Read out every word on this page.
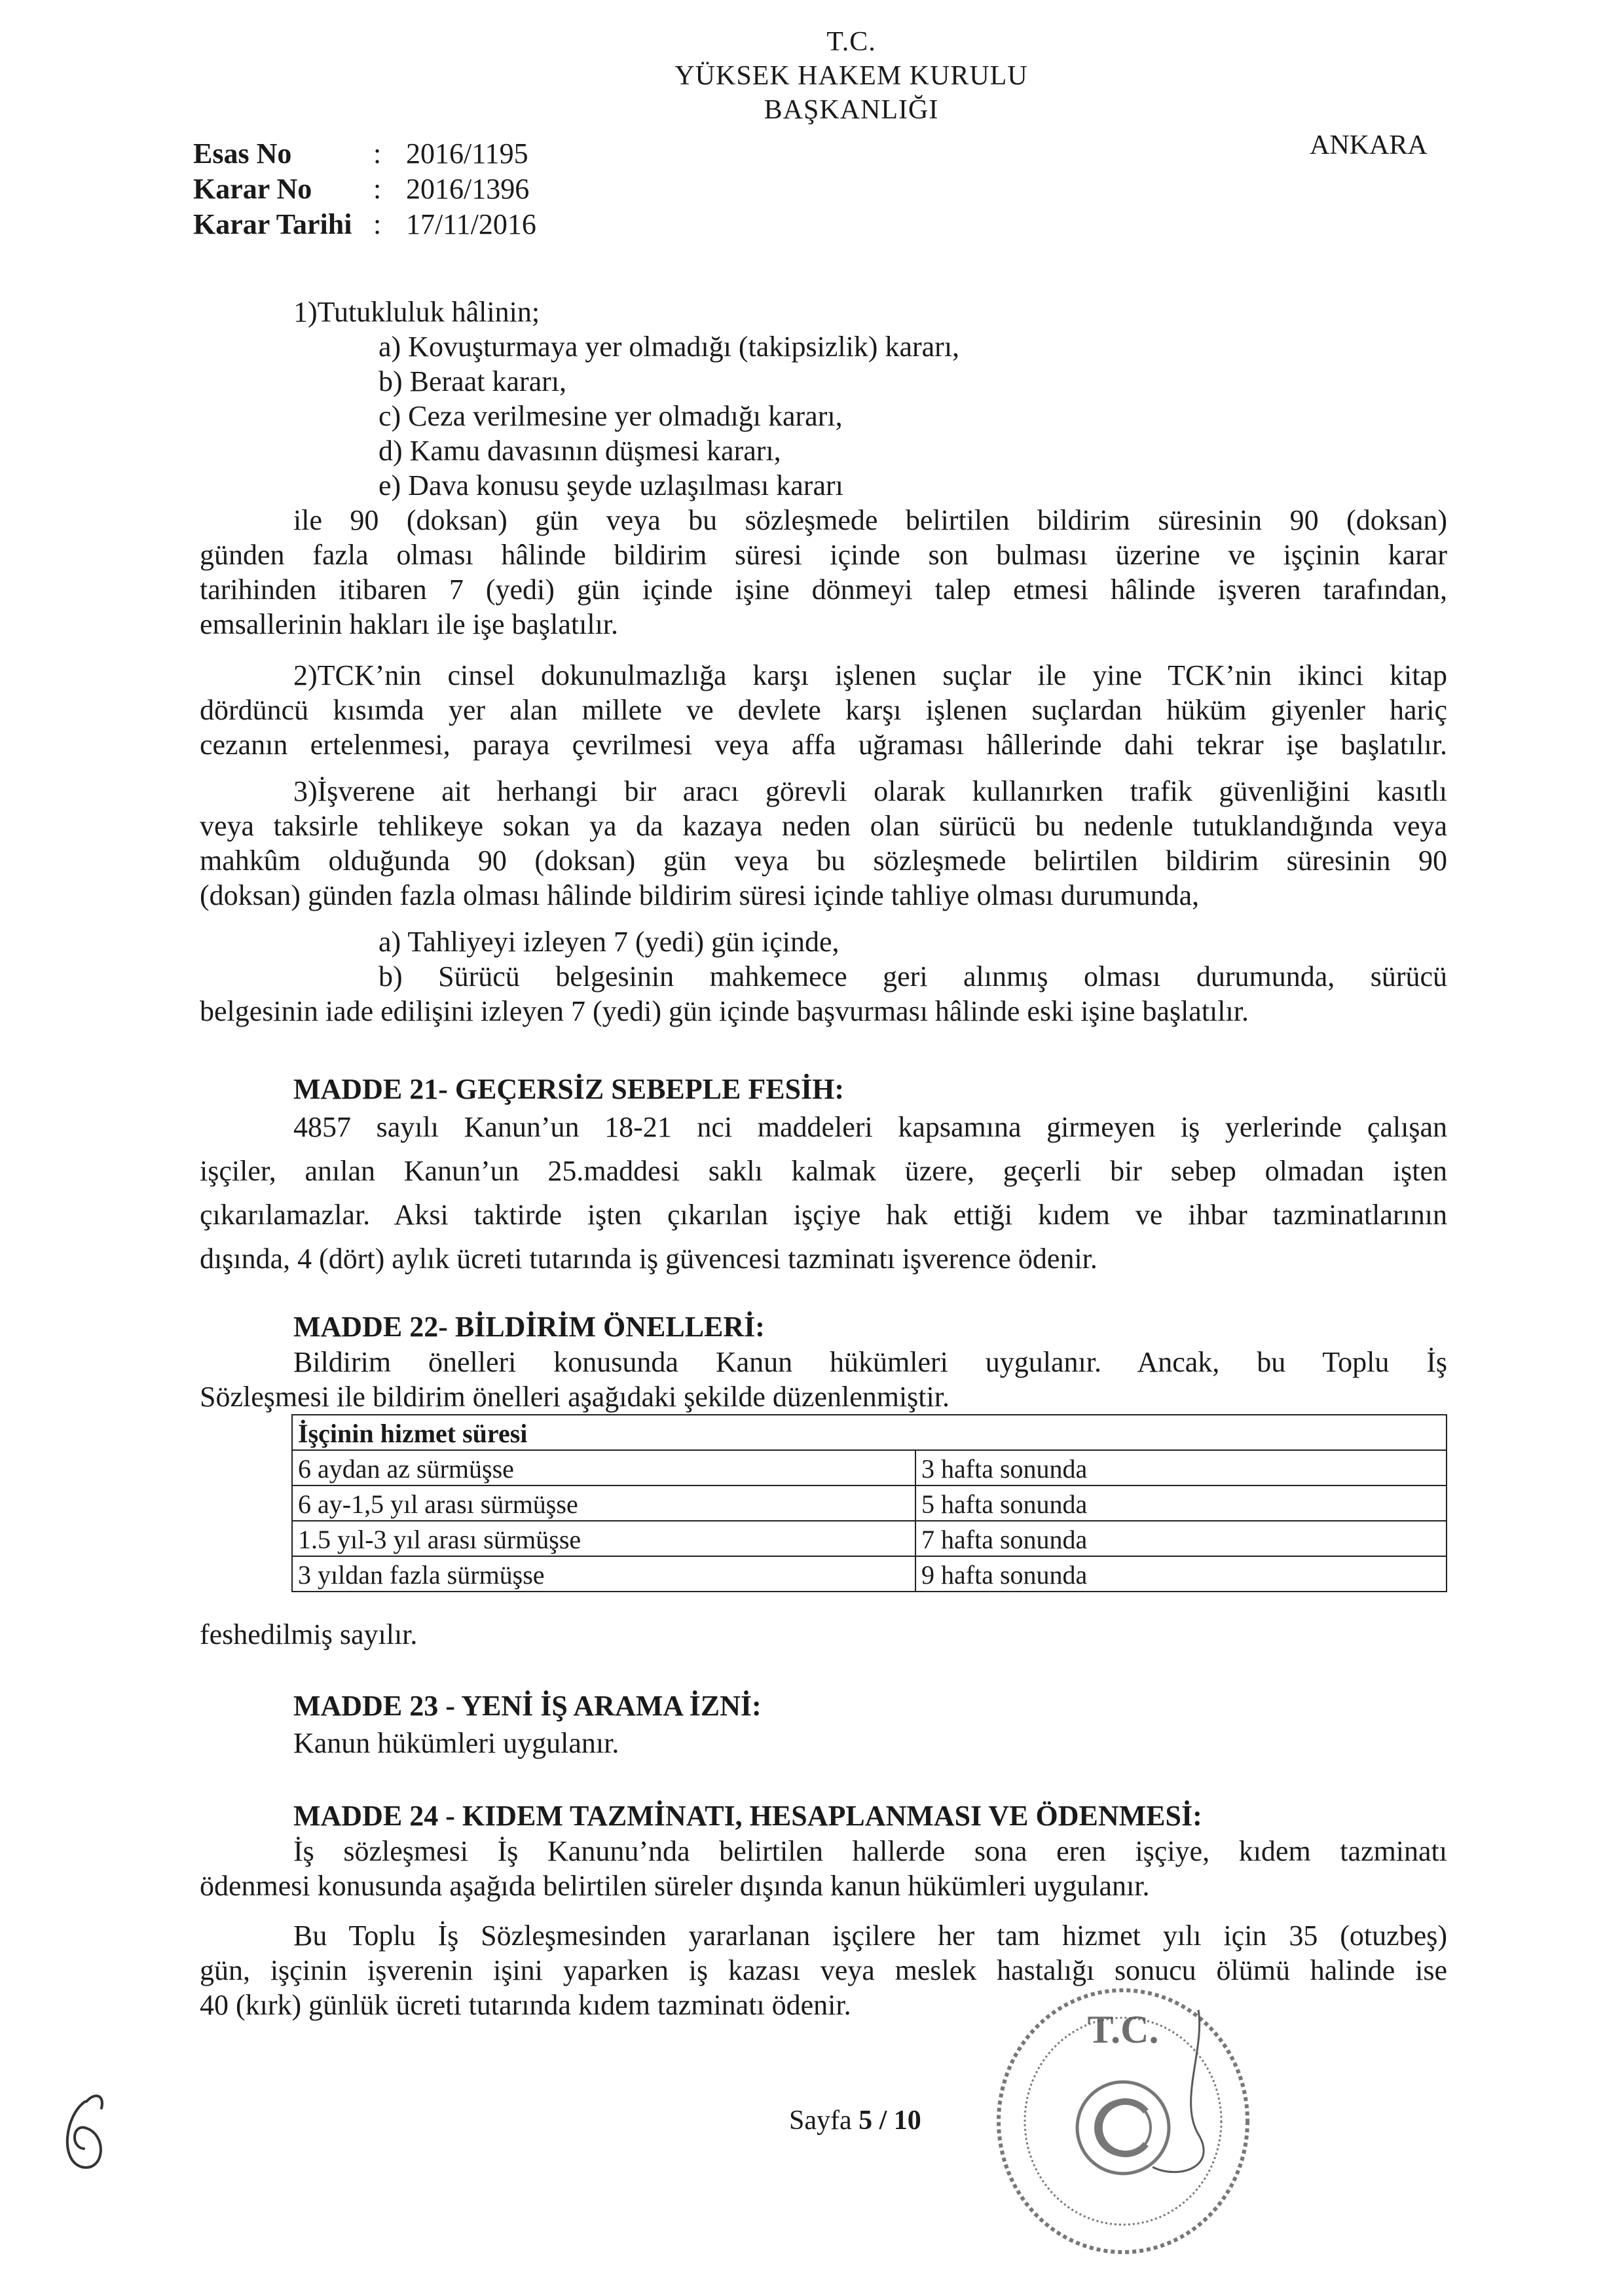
T.C.
YÜKSEK HAKEM KURULU
BAŞKANLIĞI
ANKARA
Esas No	: 2016/1195
Karar No : 2016/1396
Karar Tarihi : 17/11/2016
1)Tutukluluk hâlinin;
a) Kovuşturmaya yer olmadığı (takipsizlik) kararı,
b) Beraat kararı,
c) Ceza verilmesine yer olmadığı kararı,
d) Kamu davasının düşmesi kararı,
e) Dava konusu şeyde uzlaşılması kararı
ile 90 (doksan) gün veya bu sözleşmede belirtilen bildirim süresinin 90 (doksan)
günden fazla olması hâlinde bildirim süresi içinde son bulması üzerine ve işçinin karar
tarihinden itibaren 7 (yedi) gün içinde işine dönmeyi talep etmesi hâlinde işveren tarafından,
emsallerinin hakları ile işe başlatılır.
2)TCK’nin cinsel dokunulmazlığa karşı işlenen suçlar ile yine TCK’nin ikinci kitap
dördüncü kısımda yer alan millete ve devlete karşı işlenen suçlardan hüküm giyenler hariç
cezanın ertelenmesi, paraya çevrilmesi veya affa uğraması hâllerinde dahi tekrar işe başlatılır.
3)İşverene ait herhangi bir aracı görevli olarak kullanırken trafik güvenliğini kasıtlı
veya taksirle tehlikeye sokan ya da kazaya neden olan sürücü bu nedenle tutuklandığında veya
mahkûm olduğunda 90 (doksan) gün veya bu sözleşmede belirtilen bildirim süresinin 90
(doksan) günden fazla olması hâlinde bildirim süresi içinde tahliye olması durumunda,
a) Tahliyeyi izleyen 7 (yedi) gün içinde,
b) Sürücü belgesinin mahkemece geri alınmış olması durumunda, sürücü
belgesinin iade edilişini izleyen 7 (yedi) gün içinde başvurması hâlinde eski işine başlatılır.
MADDE 21- GEÇERSİZ SEBEPLE FESİH:
4857 sayılı Kanun’un 18-21 nci maddeleri kapsamına girmeyen iş yerlerinde çalışan
işçiler, anılan Kanun’un 25.maddesi saklı kalmak üzere, geçerli bir sebep olmadan işten
çıkarılamazlar. Aksi taktirde işten çıkarılan işçiye hak ettiği kıdem ve ihbar tazminatlarının
dışında, 4 (dört) aylık ücreti tutarında iş güvencesi tazminatı işverence ödenir.
MADDE 22- BİLDİRİM ÖNELLERİ:
Bildirim önelleri konusunda Kanun hükümleri uygulanır. Ancak, bu Toplu İş
Sözleşmesi ile bildirim önelleri aşağıdaki şekilde düzenlenmiştir.
İşçinin hizmet süresi	
6 aydan az sürmüşse	3 hafta sonunda
6 ay-1,5 yıl arası sürmüşse	5 hafta sonunda
1.5 yıl-3 yıl arası sürmüşse	7 hafta sonunda
3 yıldan fazla sürmüşse	9 hafta sonunda
feshedilmiş sayılır.
MADDE 23 - YENİ İŞ ARAMA İZNİ:
Kanun hükümleri uygulanır.
MADDE 24 - KIDEM TAZMİNATI, HESAPLANMASI VE ÖDENMESİ:
İş sözleşmesi İş Kanunu’nda belirtilen hallerde sona eren işçiye, kıdem tazminatı
ödenmesi konusunda aşağıda belirtilen süreler dışında kanun hükümleri uygulanır.
Bu Toplu İş Sözleşmesinden yararlanan işçilere her tam hizmet yılı için 35 (otuzbeş)
gün, işçinin işverenin işini yaparken iş kazası veya meslek hastalığı sonucu ölümü halinde ise
40 (kırk) günlük ücreti tutarında kıdem tazminatı ödenir.
Sayfa 5 / 10
T.C.
